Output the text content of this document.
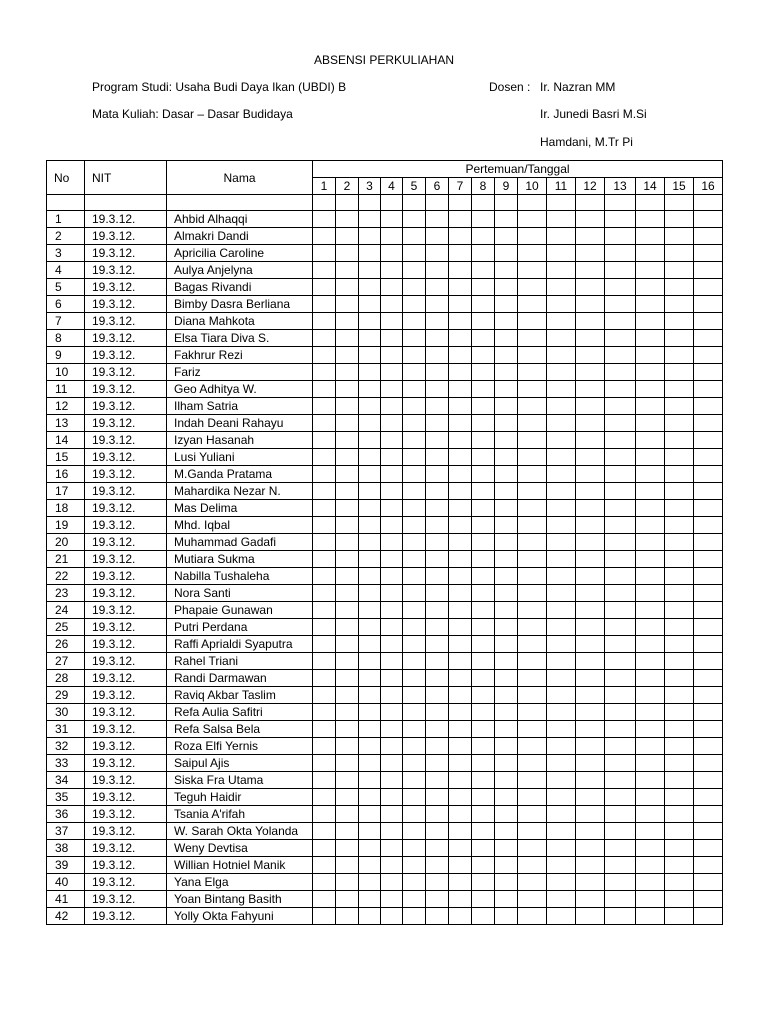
ABSENSI PERKULIAHAN
Program Studi: Usaha Budi Daya Ikan (UBDI) B
Mata Kuliah: Dasar – Dasar Budidaya
Dosen : Ir. Nazran MM
Ir. Junedi Basri M.Si
Hamdani, M.Tr Pi
No	NIT	Nama	Pertemuan/Tanggal															
			1	2	3	4	5	6	7	8	9	10	11	12	13	14	15	16

1	19.3.12.	Ahbid Alhaqqi																
2	19.3.12.	Almakri Dandi																
3	19.3.12.	Apricilia Caroline																
4	19.3.12.	Aulya Anjelyna																
5	19.3.12.	Bagas Rivandi																
6	19.3.12.	Bimby Dasra Berliana																
7	19.3.12.	Diana Mahkota																
8	19.3.12.	Elsa Tiara Diva S.																
9	19.3.12.	Fakhrur Rezi																
10	19.3.12.	Fariz																
11	19.3.12.	Geo Adhitya W.																
12	19.3.12.	Ilham Satria																
13	19.3.12.	Indah Deani Rahayu																
14	19.3.12.	Izyan Hasanah																
15	19.3.12.	Lusi Yuliani																
16	19.3.12.	M.Ganda Pratama																
17	19.3.12.	Mahardika Nezar N.																
18	19.3.12.	Mas Delima																
19	19.3.12.	Mhd. Iqbal																
20	19.3.12.	Muhammad Gadafi																
21	19.3.12.	Mutiara Sukma																
22	19.3.12.	Nabilla Tushaleha																
23	19.3.12.	Nora Santi																
24	19.3.12.	Phapaie Gunawan																
25	19.3.12.	Putri Perdana																
26	19.3.12.	Raffi Aprialdi Syaputra																
27	19.3.12.	Rahel Triani																
28	19.3.12.	Randi Darmawan																
29	19.3.12.	Raviq Akbar Taslim																
30	19.3.12.	Refa Aulia Safitri																
31	19.3.12.	Refa Salsa Bela																
32	19.3.12.	Roza Elfi Yernis																
33	19.3.12.	Saipul Ajis																
34	19.3.12.	Siska Fra Utama																
35	19.3.12.	Teguh Haidir																
36	19.3.12.	Tsania A'rifah																
37	19.3.12.	W. Sarah Okta Yolanda																
38	19.3.12.	Weny Devtisa																
39	19.3.12.	Willian Hotniel Manik																
40	19.3.12.	Yana Elga																
41	19.3.12.	Yoan Bintang Basith																
42	19.3.12.	Yolly Okta Fahyuni																
